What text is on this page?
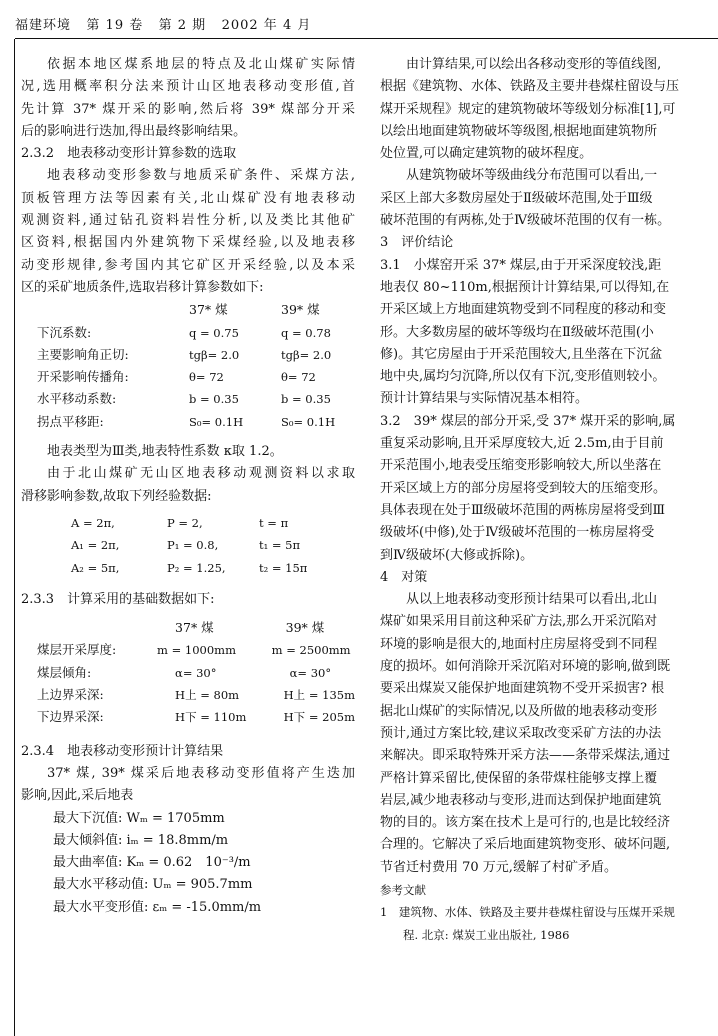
福建环境 第 19 卷 第 2 期 2002 年 4 月
依据本地区煤系地层的特点及北山煤矿实际情
况,选用概率积分法来预计山区地表移动变形值,首
先计算 37* 煤开采的影响,然后将 39* 煤部分开采
后的影响进行迭加,得出最终影响结果。
2.3.2　地表移动变形计算参数的选取
地表移动变形参数与地质采矿条件、采煤方法,
顶板管理方法等因素有关,北山煤矿没有地表移动
观测资料,通过钻孔资料岩性分析,以及类比其他矿
区资料,根据国内外建筑物下采煤经验,以及地表移
动变形规律,参考国内其它矿区开采经验,以及本采
区的采矿地质条件,选取岩移计算参数如下:
	37* 煤	39* 煤
下沉系数:	q = 0.75	q = 0.78
主要影响角正切:	tgβ= 2.0	tgβ= 2.0
开采影响传播角:	θ= 72	θ= 72
水平移动系数:	b = 0.35	b = 0.35
拐点平移距:	S₀= 0.1H	S₀= 0.1H
地表类型为Ⅲ类,地表特性系数 κ取 1.2。
由于北山煤矿无山区地表移动观测资料以求取
滑移影响参数,故取下列经验数据:
A = 2π,	P = 2,	t = π
A₁ = 2π,	P₁ = 0.8,	t₁ = 5π
A₂ = 5π,	P₂ = 1.25,	t₂ = 15π
2.3.3　计算采用的基础数据如下:
	37* 煤	39* 煤
煤层开采厚度:	m = 1000mm	m = 2500mm
煤层倾角:	α= 30°	α= 30°
上边界采深:	H上 = 80m	H上 = 135m
下边界采深:	H下 = 110m	H下 = 205m
2.3.4　地表移动变形预计计算结果
37* 煤, 39* 煤采后地表移动变形值将产生迭加
影响,因此,采后地表
最大下沉值: Wₘ = 1705mm
最大倾斜值: iₘ = 18.8mm/m
最大曲率值: Kₘ = 0.62　10⁻³/m
最大水平移动值: Uₘ = 905.7mm
最大水平变形值: εₘ = -15.0mm/m
由计算结果,可以绘出各移动变形的等值线图,
根据《建筑物、水体、铁路及主要井巷煤柱留设与压
煤开采规程》规定的建筑物破坏等级划分标准[1],可
以绘出地面建筑物破坏等级图,根据地面建筑物所
处位置,可以确定建筑物的破坏程度。
从建筑物破坏等级曲线分布范围可以看出,一
采区上部大多数房屋处于Ⅱ级破坏范围,处于Ⅲ级
破坏范围的有两栋,处于Ⅳ级破坏范围的仅有一栋。
3　评价结论
3.1　小煤窑开采 37* 煤层,由于开采深度较浅,距
地表仅 80~110m,根据预计计算结果,可以得知,在
开采区域上方地面建筑物受到不同程度的移动和变
形。大多数房屋的破坏等级均在Ⅱ级破坏范围(小
修)。其它房屋由于开采范围较大,且坐落在下沉盆
地中央,属均匀沉降,所以仅有下沉,变形值则较小。
预计计算结果与实际情况基本相符。
3.2　39* 煤层的部分开采,受 37* 煤开采的影响,属
重复采动影响,且开采厚度较大,近 2.5m,由于目前
开采范围小,地表受压缩变形影响较大,所以坐落在
开采区域上方的部分房屋将受到较大的压缩变形。
具体表现在处于Ⅲ级破坏范围的两栋房屋将受到Ⅲ
级破坏(中修),处于Ⅳ级破坏范围的一栋房屋将受
到Ⅳ级破坏(大修或拆除)。
4　对策
从以上地表移动变形预计结果可以看出,北山
煤矿如果采用目前这种采矿方法,那么开采沉陷对
环境的影响是很大的,地面村庄房屋将受到不同程
度的损坏。如何消除开采沉陷对环境的影响,做到既
要采出煤炭又能保护地面建筑物不受开采损害? 根
据北山煤矿的实际情况,以及所做的地表移动变形
预计,通过方案比较,建议采取改变采矿方法的办法
来解决。即采取特殊开采方法——条带采煤法,通过
严格计算采留比,使保留的条带煤柱能够支撑上覆
岩层,减少地表移动与变形,进而达到保护地面建筑
物的目的。该方案在技术上是可行的,也是比较经济
合理的。它解决了采后地面建筑物变形、破坏问题,
节省迁村费用 70 万元,缓解了村矿矛盾。
参考文献
1　建筑物、水体、铁路及主要井巷煤柱留设与压煤开采规
　　程. 北京: 煤炭工业出版社, 1986
